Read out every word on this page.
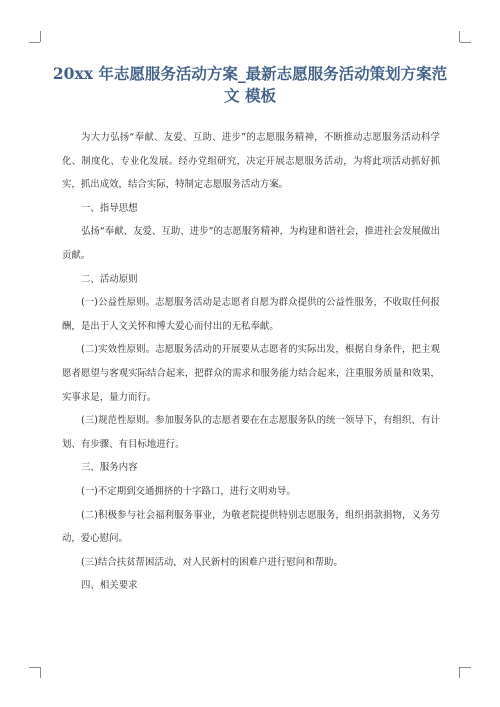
20xx 年志愿服务活动方案_最新志愿服务活动策划方案范文 模板

为大力弘扬“奉献、友爱、互助、进步”的志愿服务精神，不断推动志愿服务活动科学化、制度化、专业化发展。经办党组研究，决定开展志愿服务活动，为将此项活动抓好抓实，抓出成效，结合实际，特制定志愿服务活动方案。

一、指导思想

弘扬“奉献、友爱、互助、进步”的志愿服务精神，为构建和谐社会，推进社会发展做出贡献。

二、活动原则

(一)公益性原则。志愿服务活动是志愿者自愿为群众提供的公益性服务，不收取任何报酬，是出于人文关怀和博大爱心而付出的无私奉献。

(二)实效性原则。志愿服务活动的开展要从志愿者的实际出发，根据自身条件，把主观愿者愿望与客观实际结合起来，把群众的需求和服务能力结合起来，注重服务质量和效果，实事求是，量力而行。

(三)规范性原则。参加服务队的志愿者要在在志愿服务队的统一领导下，有组织、有计划、有步骤、有目标地进行。

三、服务内容

(一)不定期到交通拥挤的十字路口，进行文明劝导。

(二)积极参与社会福利服务事业，为敬老院提供特别志愿服务，组织捐款捐物，义务劳动，爱心慰问。

(三)结合扶贫帮困活动，对人民新村的困难户进行慰问和帮助。

四、相关要求
